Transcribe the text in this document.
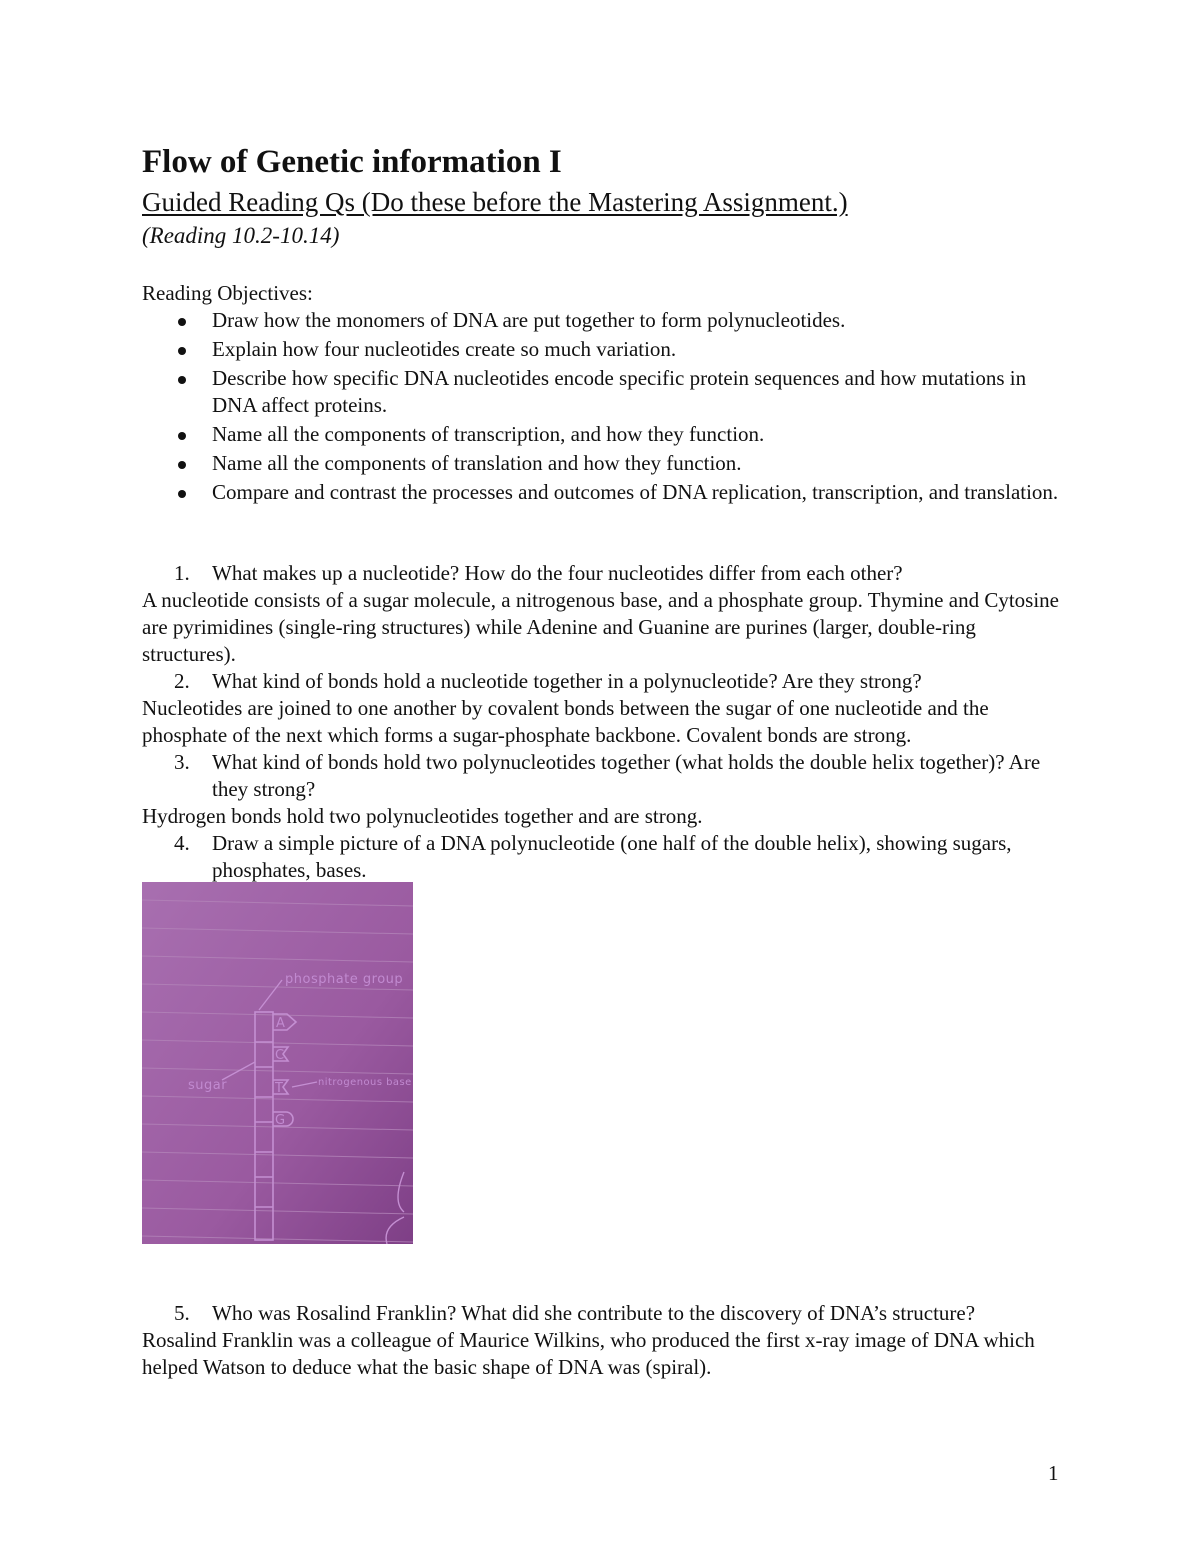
Flow of Genetic information I

Guided Reading Qs (Do these before the Mastering Assignment.)

(Reading 10.2-10.14)

Reading Objectives:

Draw how the monomers of DNA are put together to form polynucleotides.
Explain how four nucleotides create so much variation.
Describe how specific DNA nucleotides encode specific protein sequences and how mutations in DNA affect proteins.
Name all the components of transcription, and how they function.
Name all the components of translation and how they function.
Compare and contrast the processes and outcomes of DNA replication, transcription, and translation.

1. What makes up a nucleotide? How do the four nucleotides differ from each other?

A nucleotide consists of a sugar molecule, a nitrogenous base, and a phosphate group. Thymine and Cytosine are pyrimidines (single-ring structures) while Adenine and Guanine are purines (larger, double-ring structures).

2. What kind of bonds hold a nucleotide together in a polynucleotide? Are they strong?

Nucleotides are joined to one another by covalent bonds between the sugar of one nucleotide and the phosphate of the next which forms a sugar-phosphate backbone. Covalent bonds are strong.

3. What kind of bonds hold two polynucleotides together (what holds the double helix together)? Are they strong?

Hydrogen bonds hold two polynucleotides together and are strong.

4. Draw a simple picture of a DNA polynucleotide (one half of the double helix), showing sugars, phosphates, bases.

A
C
T
G
phosphate group
sugar	nitrogenous base

5. Who was Rosalind Franklin? What did she contribute to the discovery of DNA’s structure?

Rosalind Franklin was a colleague of Maurice Wilkins, who produced the first x-ray image of DNA which helped Watson to deduce what the basic shape of DNA was (spiral).

1
